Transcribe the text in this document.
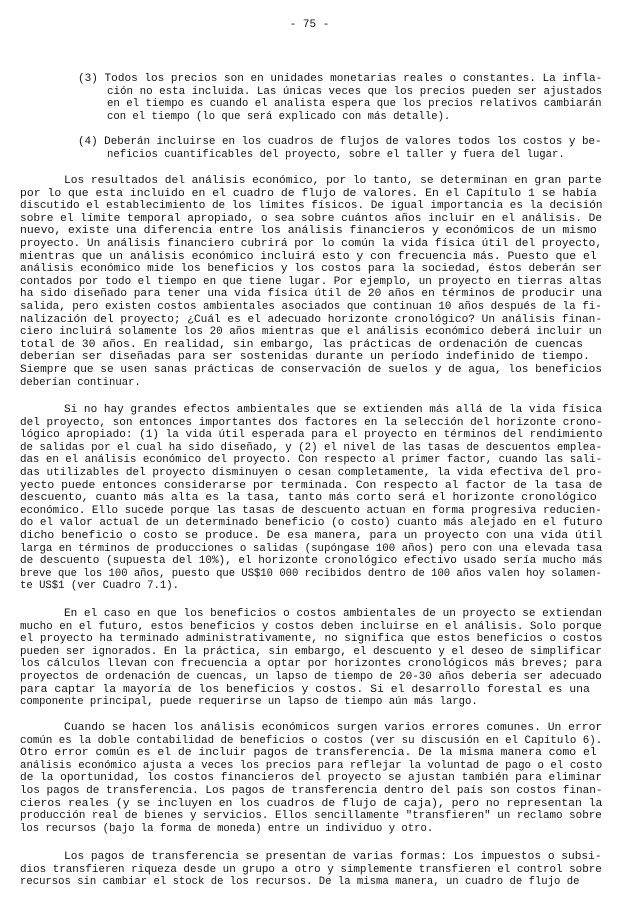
- 75 -
(3) Todos los precios son en unidades monetarias reales o constantes. La infla-
ción no esta incluida. Las únicas veces que los precios pueden ser ajustados
en el tiempo es cuando el analista espera que los precios relativos cambiarán
con el tiempo (lo que será explicado con más detalle).
(4) Deberán incluirse en los cuadros de flujos de valores todos los costos y be-
neficios cuantificables del proyecto, sobre el taller y fuera del lugar.
Los resultados del análisis económico, por lo tanto, se determinan en gran parte
por lo que esta incluido en el cuadro de flujo de valores. En el Capítulo 1 se había
discutido el establecimiento de los límites físicos. De igual importancia es la decisión
sobre el límite temporal apropiado, o sea sobre cuántos años incluir en el análisis. De
nuevo, existe una diferencia entre los análisis financieros y económicos de un mismo
proyecto. Un análisis financiero cubrirá por lo común la vida física útil del proyecto,
mientras que un análisis económico incluirá esto y con frecuencia más. Puesto que el
análisis económico mide los beneficios y los costos para la sociedad, éstos deberán ser
contados por todo el tiempo en que tiene lugar. Por ejemplo, un proyecto en tierras altas
ha sido diseñado para tener una vida física útil de 20 años en términos de producir una
salida, pero existen costos ambientales asociados que continuan 10 años después de la fi-
nalización del proyecto; ¿Cuál es el adecuado horizonte cronológico? Un análisis finan-
ciero incluirá solamente los 20 años mientras que el análisis económico deberá incluir un
total de 30 años. En realidad, sin embargo, las prácticas de ordenación de cuencas
deberían ser diseñadas para ser sostenidas durante un período indefinido de tiempo.
Siempre que se usen sanas prácticas de conservación de suelos y de agua, los beneficios
deberían continuar.
Si no hay grandes efectos ambientales que se extienden más allá de la vida física
del proyecto, son entonces importantes dos factores en la selección del horizonte crono-
lógico apropiado: (1) la vida útil esperada para el proyecto en términos del rendimiento
de salidas por el cual ha sido diseñado, y (2) el nivel de las tasas de descuentos emplea-
das en el análisis económico del proyecto. Con respecto al primer factor, cuando las sali-
das utilizables del proyecto disminuyen o cesan completamente, la vida efectiva del pro-
yecto puede entonces considerarse por terminada. Con respecto al factor de la tasa de
descuento, cuanto más alta es la tasa, tanto más corto será el horizonte cronológico
económico. Ello sucede porque las tasas de descuento actuan en forma progresiva reducien-
do el valor actual de un determinado beneficio (o costo) cuanto más alejado en el futuro
dicho beneficio o costo se produce. De esa manera, para un proyecto con una vida útil
larga en términos de producciones o salidas (supóngase 100 años) pero con una elevada tasa
de descuento (supuesta del 10%), el horizonte cronológico efectivo usado sería mucho más
breve que los 100 años, puesto que US$10 000 recibidos dentro de 100 años valen hoy solamen-
te US$1 (ver Cuadro 7.1).
En el caso en que los beneficios o costos ambientales de un proyecto se extiendan
mucho en el futuro, estos beneficios y costos deben incluirse en el análisis. Solo porque
el proyecto ha terminado administrativamente, no significa que estos beneficios o costos
pueden ser ignorados. En la práctica, sin embargo, el descuento y el deseo de simplificar
los cálculos llevan con frecuencia a optar por horizontes cronológicos más breves; para
proyectos de ordenación de cuencas, un lapso de tiempo de 20-30 años debería ser adecuado
para captar la mayoría de los beneficios y costos. Si el desarrollo forestal es una
componente principal, puede requerirse un lapso de tiempo aún más largo.
Cuando se hacen los análisis económicos surgen varios errores comunes. Un error
común es la doble contabilidad de beneficios o costos (ver su discusión en el Capítulo 6).
Otro error común es el de incluir pagos de transferencia. De la misma manera como el
análisis económico ajusta a veces los precios para reflejar la voluntad de pago o el costo
de la oportunidad, los costos financieros del proyecto se ajustan también para eliminar
los pagos de transferencia. Los pagos de transferencia dentro del país son costos finan-
cieros reales (y se incluyen en los cuadros de flujo de caja), pero no representan la
producción real de bienes y servicios. Ellos sencillamente "transfieren" un reclamo sobre
los recursos (bajo la forma de moneda) entre un individuo y otro.
Los pagos de transferencia se presentan de varias formas: Los impuestos o subsi-
dios transfieren riqueza desde un grupo a otro y simplemente transfieren el control sobre
recursos sin cambiar el stock de los recursos. De la misma manera, un cuadro de flujo de
